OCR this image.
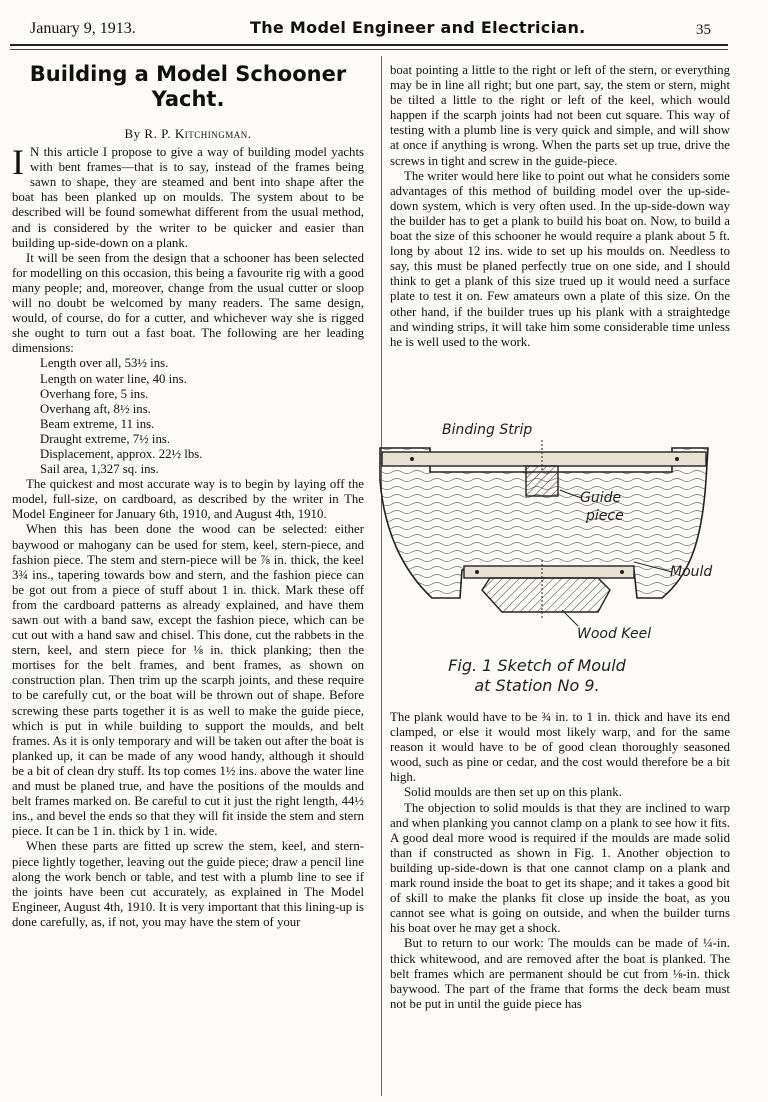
January 9, 1913.	The Model Engineer and Electrician.	35
Building a Model Schooner
Yacht.
By R. P. Kitchingman.

I N this article I propose to give a way of building model yachts with bent frames—that is to say, instead of the frames being sawn to shape, they are steamed and bent into shape after the boat has been planked up on moulds. The system about to be described will be found somewhat different from the usual method, and is considered by the writer to be quicker and easier than building up-side-down on a plank.

It will be seen from the design that a schooner has been selected for modelling on this occasion, this being a favourite rig with a good many people; and, moreover, change from the usual cutter or sloop will no doubt be welcomed by many readers. The same design, would, of course, do for a cutter, and whichever way she is rigged she ought to turn out a fast boat. The following are her leading dimensions:

Length over all, 53½ ins.
Length on water line, 40 ins.
Overhang fore, 5 ins.
Overhang aft, 8½ ins.
Beam extreme, 11 ins.
Draught extreme, 7½ ins.
Displacement, approx. 22½ lbs.
Sail area, 1,327 sq. ins.

The quickest and most accurate way is to begin by laying off the model, full-size, on cardboard, as described by the writer in The Model Engineer for January 6th, 1910, and August 4th, 1910.

When this has been done the wood can be selected: either baywood or mahogany can be used for stem, keel, stern-piece, and fashion piece. The stem and stern-piece will be ⅞ in. thick, the keel 3¾ ins., tapering towards bow and stern, and the fashion piece can be got out from a piece of stuff about 1 in. thick. Mark these off from the cardboard patterns as already explained, and have them sawn out with a band saw, except the fashion piece, which can be cut out with a hand saw and chisel. This done, cut the rabbets in the stern, keel, and stern piece for ⅛ in. thick planking; then the mortises for the belt frames, and bent frames, as shown on construction plan. Then trim up the scarph joints, and these require to be carefully cut, or the boat will be thrown out of shape. Before screwing these parts together it is as well to make the guide piece, which is put in while building to support the moulds, and belt frames. As it is only temporary and will be taken out after the boat is planked up, it can be made of any wood handy, although it should be a bit of clean dry stuff. Its top comes 1½ ins. above the water line and must be planed true, and have the positions of the moulds and belt frames marked on. Be careful to cut it just the right length, 44½ ins., and bevel the ends so that they will fit inside the stem and stern piece. It can be 1 in. thick by 1 in. wide.

When these parts are fitted up screw the stem, keel, and stern-piece lightly together, leaving out the guide piece; draw a pencil line along the work bench or table, and test with a plumb line to see if the joints have been cut accurately, as explained in The Model Engineer, August 4th, 1910. It is very important that this lining-up is done carefully, as, if not, you may have the stem of your

boat pointing a little to the right or left of the stern, or everything may be in line all right; but one part, say, the stem or stern, might be tilted a little to the right or left of the keel, which would happen if the scarph joints had not been cut square. This way of testing with a plumb line is very quick and simple, and will show at once if anything is wrong. When the parts set up true, drive the screws in tight and screw in the guide-piece.

The writer would here like to point out what he considers some advantages of this method of building model over the up-side-down system, which is very often used. In the up-side-down way the builder has to get a plank to build his boat on. Now, to build a boat the size of this schooner he would require a plank about 5 ft. long by about 12 ins. wide to set up his moulds on. Needless to say, this must be planed perfectly true on one side, and I should think to get a plank of this size trued up it would need a surface plate to test it on. Few amateurs own a plate of this size. On the other hand, if the builder trues up his plank with a straightedge and winding strips, it will take him some considerable time unless he is well used to the work.

Binding Strip
Guide
piece
Mould
Wood Keel
Fig. 1 Sketch of Mould
at Station No 9.

The plank would have to be ¾ in. to 1 in. thick and have its end clamped, or else it would most likely warp, and for the same reason it would have to be of good clean thoroughly seasoned wood, such as pine or cedar, and the cost would therefore be a bit high.

Solid moulds are then set up on this plank.

The objection to solid moulds is that they are inclined to warp and when planking you cannot clamp on a plank to see how it fits. A good deal more wood is required if the moulds are made solid than if constructed as shown in Fig. 1. Another objection to building up-side-down is that one cannot clamp on a plank and mark round inside the boat to get its shape; and it takes a good bit of skill to make the planks fit close up inside the boat, as you cannot see what is going on outside, and when the builder turns his boat over he may get a shock.

But to return to our work: The moulds can be made of ¼-in. thick whitewood, and are removed after the boat is planked. The belt frames which are permanent should be cut from ⅛-in. thick baywood. The part of the frame that forms the deck beam must not be put in until the guide piece has
